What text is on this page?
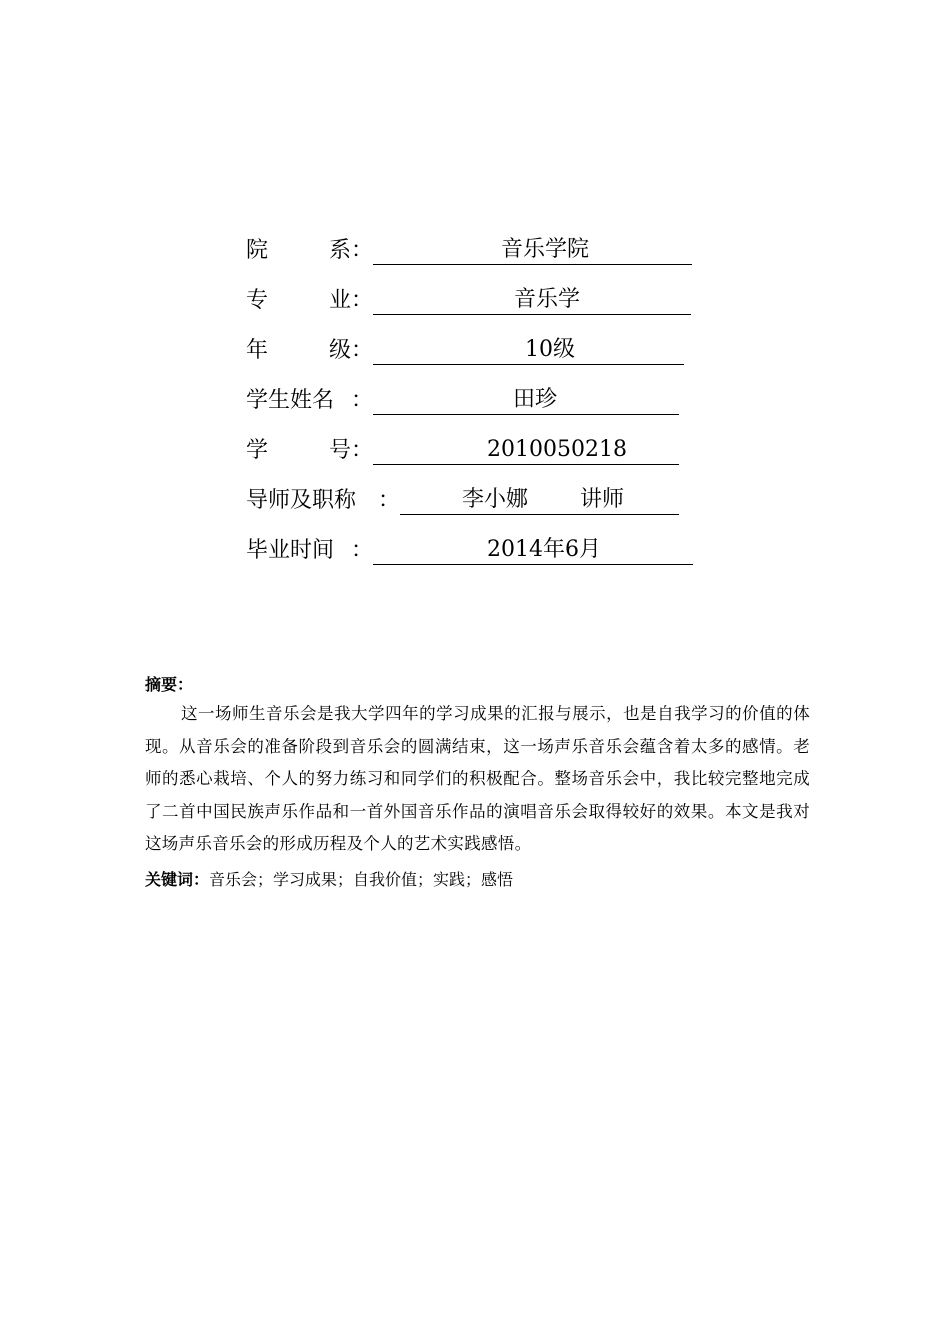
院	系 ：	音乐学院
专	业 ：	音乐学
年	级 ：	10级
学生姓名 ：	田珍
学	号 ：	2010050218
导师及职称 ：	李小娜 讲师
毕业时间 ：	2014年6月
摘要：
这一场师生音乐会是我大学四年的学习成果的汇报与展示，也是自我学习的价值的体现。从音乐会的准备阶段到音乐会的圆满结束，这一场声乐音乐会蕴含着太多的感情。老师的悉心栽培、个人的努力练习和同学们的积极配合。整场音乐会中，我比较完整地完成了二首中国民族声乐作品和一首外国音乐作品的演唱音乐会取得较好的效果。本文是我对这场声乐音乐会的形成历程及个人的艺术实践感悟。
关键词：音乐会；学习成果；自我价值；实践；感悟
